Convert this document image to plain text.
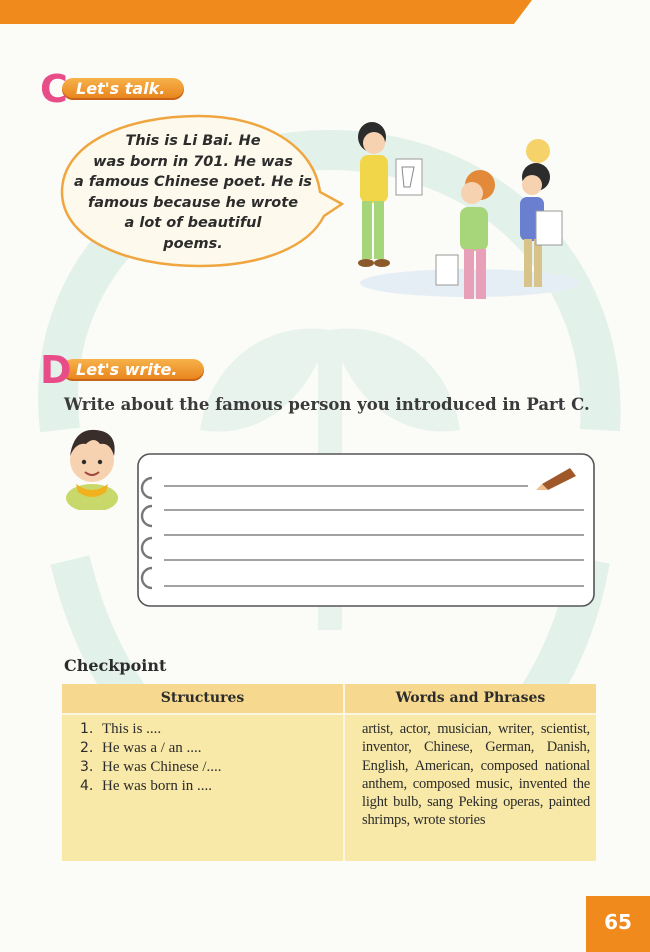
C Let's talk.
This is Li Bai. He
was born in 701. He was
a famous Chinese poet. He is
famous because he wrote
a lot of beautiful
poems.
D Let's write.
Write about the famous person you introduced in Part C.
Checkpoint
Structures	Words and Phrases
1. This is ....
2. He was a / an ....
3. He was Chinese /....
4. He was born in ....
artist, actor, musician, writer, scientist, inventor, Chinese, German, Danish, English, American, composed national anthem, composed music, invented the light bulb, sang Peking operas, painted shrimps, wrote stories
65
